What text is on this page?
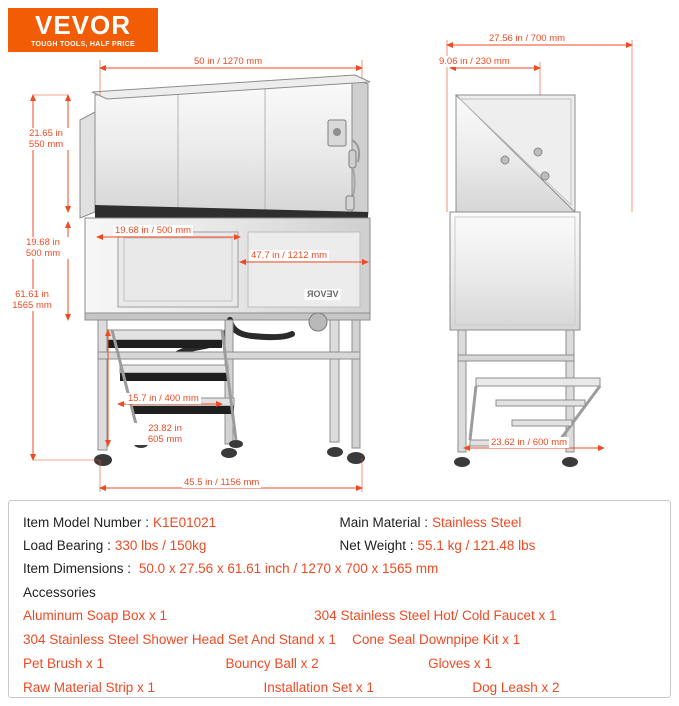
VEVOR
TOUGH TOOLS, HALF PRICE
50 in / 1270 mm
21.65 in
550 mm
19.68 in
500 mm
61.61 in
1565 mm
19.68 in / 500 mm
47.7 in / 1212 mm
15.7 in / 400 mm
23.82 in
605 mm
45.5 in / 1156 mm
27.56 in / 700 mm
9.06 in / 230 mm
23.62 in / 600 mm
VEVOR
Item Model Number : K1E01021	Main Material : Stainless Steel
Load Bearing : 330 lbs / 150kg	Net Weight : 55.1 kg / 121.48 lbs
Item Dimensions : 50.0 x 27.56 x 61.61 inch / 1270 x 700 x 1565 mm
Accessories
Aluminum Soap Box x 1	304 Stainless Steel Hot/ Cold Faucet x 1
304 Stainless Steel Shower Head Set And Stand x 1	Cone Seal Downpipe Kit x 1
Pet Brush x 1	Bouncy Ball x 2	Gloves x 1
Raw Material Strip x 1	Installation Set x 1	Dog Leash x 2
